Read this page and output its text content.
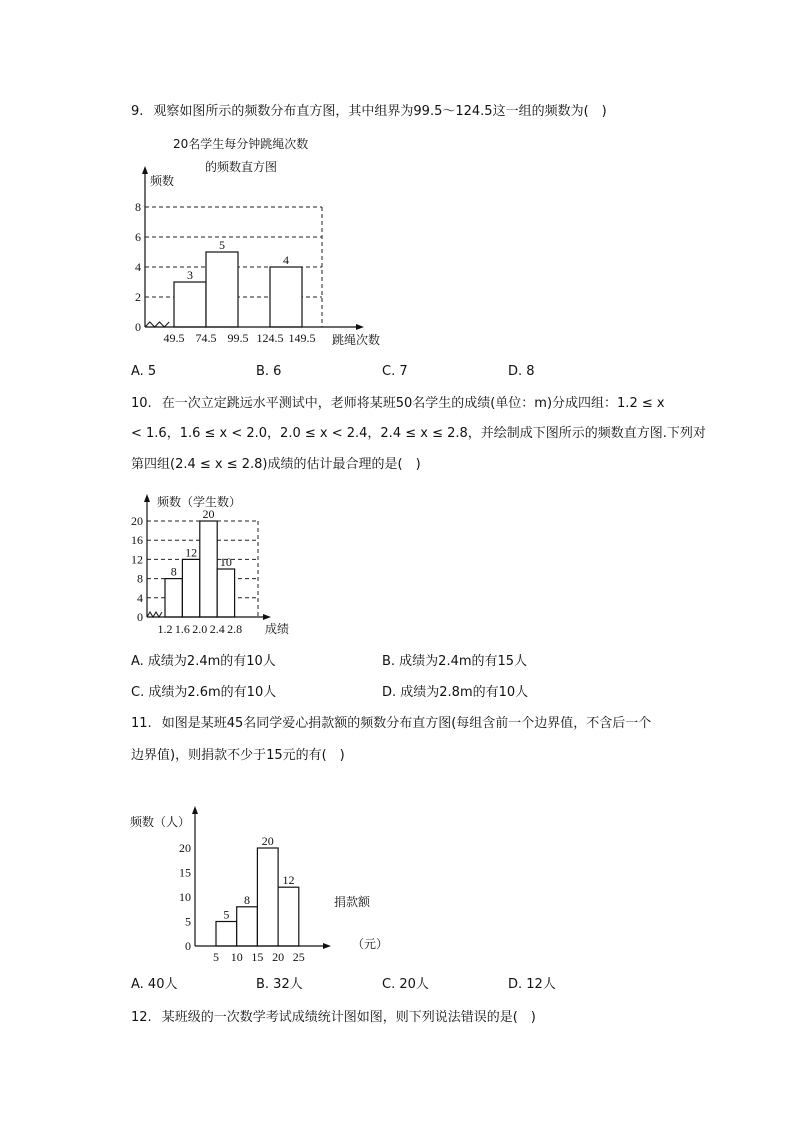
9. 观察如图所示的频数分布直方图，其中组界为99.5～124.5这一组的频数为(　)
A. 5	B. 6	C. 7	D. 8
10. 在一次立定跳远水平测试中，老师将某班50名学生的成绩(单位：m)分成四组：1.2 ≤ x
< 1.6，1.6 ≤ x < 2.0，2.0 ≤ x < 2.4，2.4 ≤ x ≤ 2.8，并绘制成下图所示的频数直方图.下列对
第四组(2.4 ≤ x ≤ 2.8)成绩的估计最合理的是(　)
A. 成绩为2.4m的有10人	B. 成绩为2.4m的有15人
C. 成绩为2.6m的有10人	D. 成绩为2.8m的有10人
11. 如图是某班45名同学爱心捐款额的频数分布直方图(每组含前一个边界值，不含后一个
边界值)，则捐款不少于15元的有(　)
A. 40人	B. 32人	C. 20人	D. 12人
12. 某班级的一次数学考试成绩统计图如图，则下列说法错误的是(　)
20名学生每分钟跳绳次数
的频数直方图
0
2
4
6
8
3
5
4
49.5 74.5 99.5 124.5 149.5
频数
跳绳次数
0
4
8
12
16
20
8
12
20
10
1.2 1.6 2.0 2.4 2.8
频数（学生数）
成绩
0
5
10
15
20
5
8
20
12
5 10 15 20 25
频数（人）
捐款额
（元）
